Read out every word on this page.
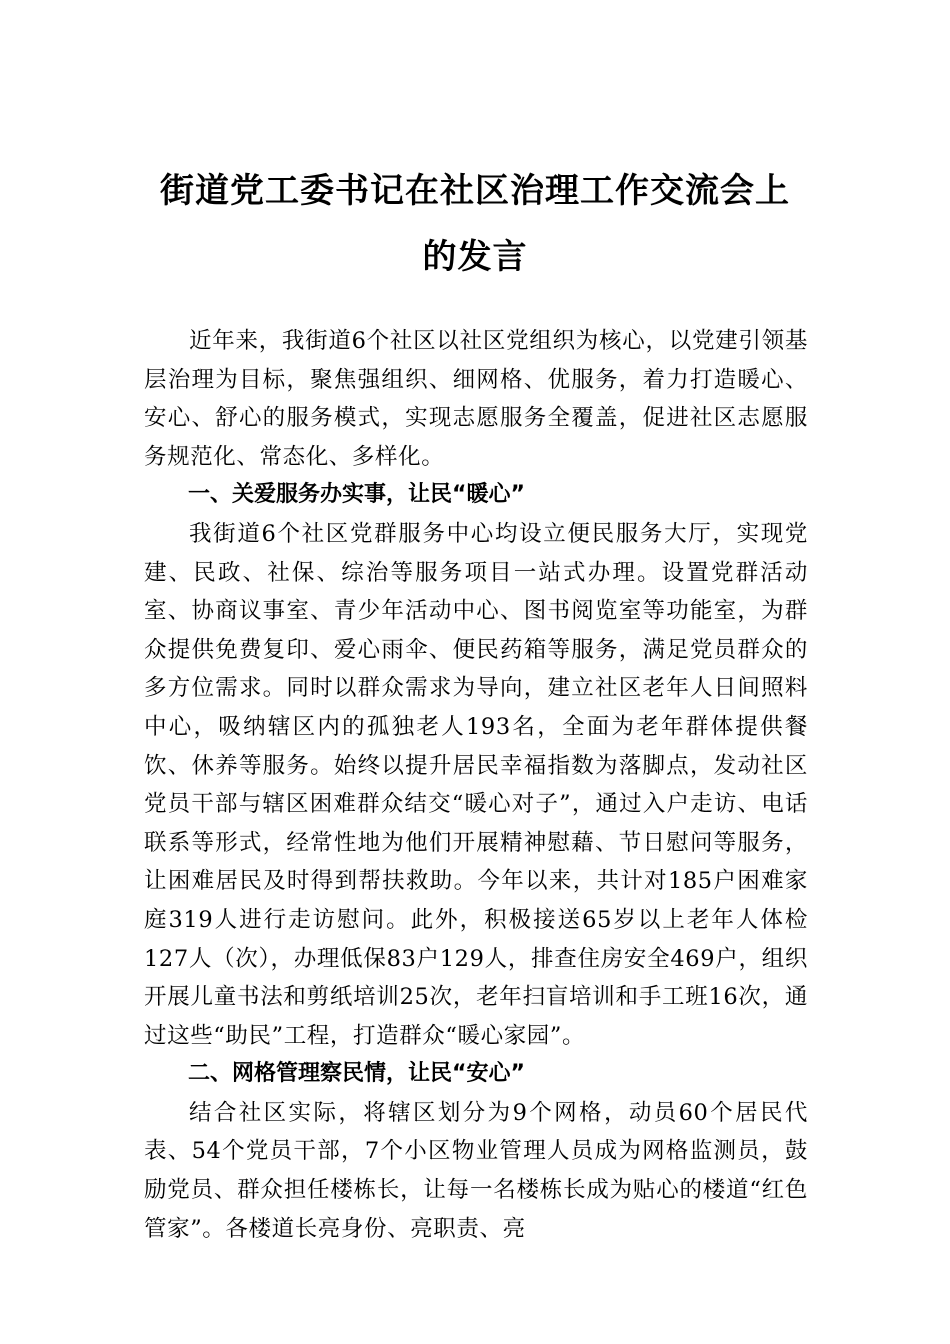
街道党工委书记在社区治理工作交流会上
的发言

近年来，我街道6个社区以社区党组织为核心，以党建引领基层治理为目标，聚焦强组织、细网格、优服务，着力打造暖心、安心、舒心的服务模式，实现志愿服务全覆盖，促进社区志愿服务规范化、常态化、多样化。

一、关爱服务办实事，让民“暖心”

我街道6个社区党群服务中心均设立便民服务大厅，实现党建、民政、社保、综治等服务项目一站式办理。设置党群活动室、协商议事室、青少年活动中心、图书阅览室等功能室，为群众提供免费复印、爱心雨伞、便民药箱等服务，满足党员群众的多方位需求。同时以群众需求为导向，建立社区老年人日间照料中心，吸纳辖区内的孤独老人193名，全面为老年群体提供餐饮、休养等服务。始终以提升居民幸福指数为落脚点，发动社区党员干部与辖区困难群众结交“暖心对子”，通过入户走访、电话联系等形式，经常性地为他们开展精神慰藉、节日慰问等服务，让困难居民及时得到帮扶救助。今年以来，共计对185户困难家庭319人进行走访慰问。此外，积极接送65岁以上老年人体检127人（次），办理低保83户129人，排查住房安全469户，组织开展儿童书法和剪纸培训25次，老年扫盲培训和手工班16次，通过这些“助民”工程，打造群众“暖心家园”。

二、网格管理察民情，让民“安心”

结合社区实际，将辖区划分为9个网格，动员60个居民代表、54个党员干部，7个小区物业管理人员成为网格监测员，鼓励党员、群众担任楼栋长，让每一名楼栋长成为贴心的楼道“红色管家”。各楼道长亮身份、亮职责、亮
